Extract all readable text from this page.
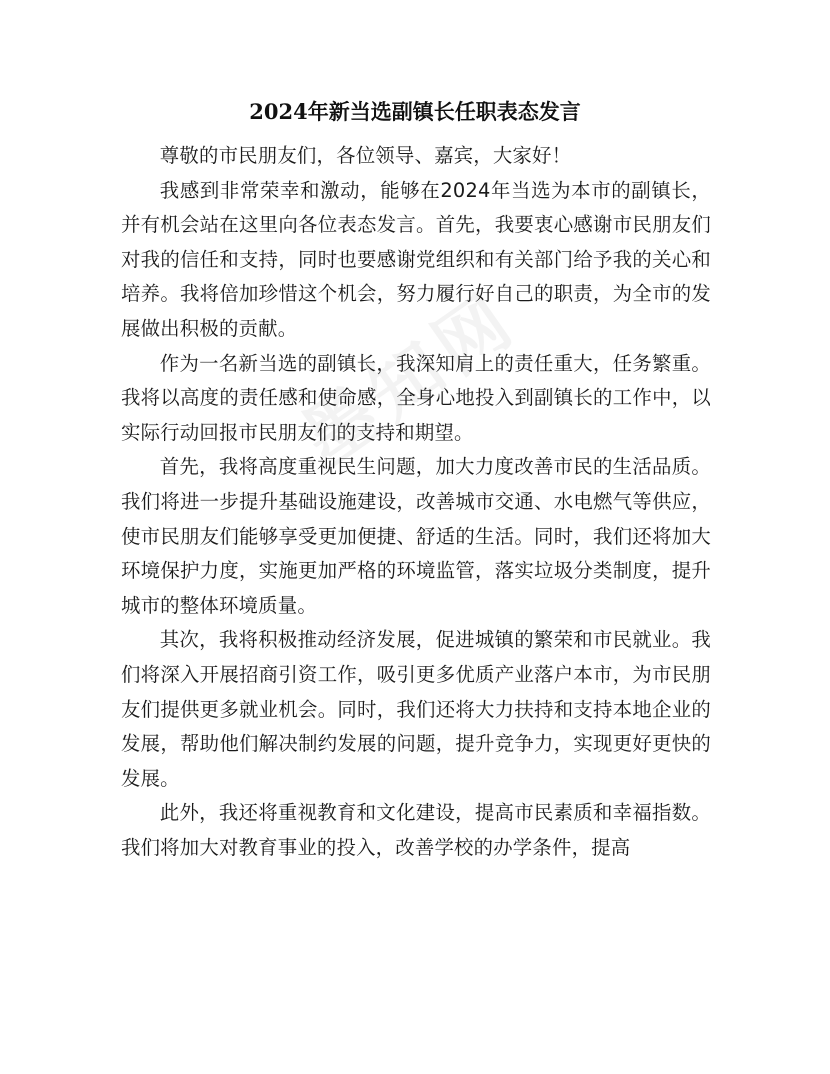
2024年新当选副镇长任职表态发言

尊敬的市民朋友们，各位领导、嘉宾，大家好！

我感到非常荣幸和激动，能够在2024年当选为本市的副镇长，并有机会站在这里向各位表态发言。首先，我要衷心感谢市民朋友们对我的信任和支持，同时也要感谢党组织和有关部门给予我的关心和培养。我将倍加珍惜这个机会，努力履行好自己的职责，为全市的发展做出积极的贡献。

作为一名新当选的副镇长，我深知肩上的责任重大，任务繁重。我将以高度的责任感和使命感，全身心地投入到副镇长的工作中，以实际行动回报市民朋友们的支持和期望。

首先，我将高度重视民生问题，加大力度改善市民的生活品质。我们将进一步提升基础设施建设，改善城市交通、水电燃气等供应，使市民朋友们能够享受更加便捷、舒适的生活。同时，我们还将加大环境保护力度，实施更加严格的环境监管，落实垃圾分类制度，提升城市的整体环境质量。

其次，我将积极推动经济发展，促进城镇的繁荣和市民就业。我们将深入开展招商引资工作，吸引更多优质产业落户本市，为市民朋友们提供更多就业机会。同时，我们还将大力扶持和支持本地企业的发展，帮助他们解决制约发展的问题，提升竞争力，实现更好更快的发展。

此外，我还将重视教育和文化建设，提高市民素质和幸福指数。我们将加大对教育事业的投入，改善学校的办学条件，提高
